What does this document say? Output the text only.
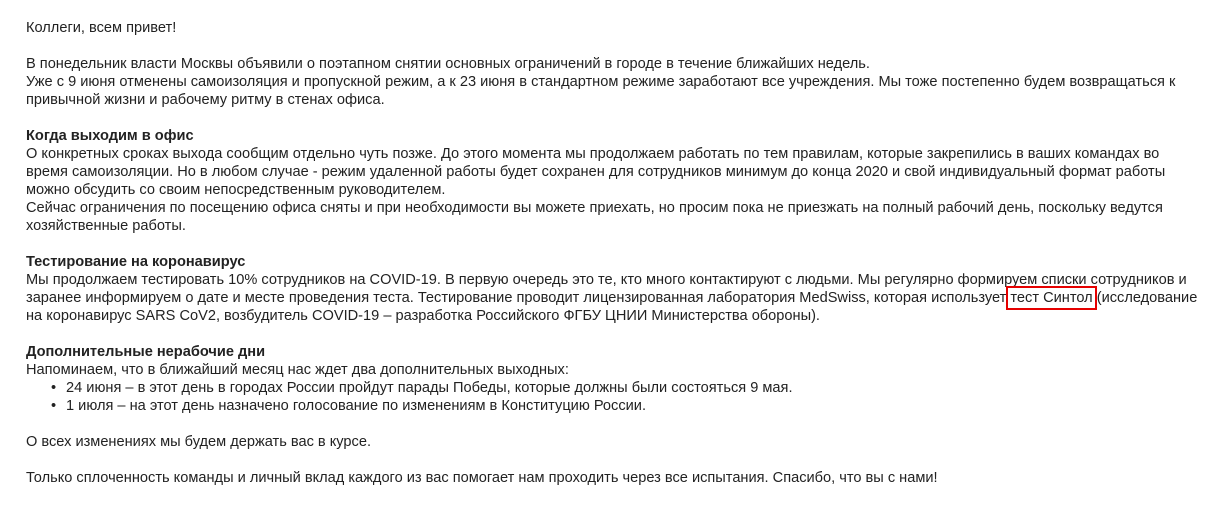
Коллеги, всем привет!

В понедельник власти Москвы объявили о поэтапном снятии основных ограничений в городе в течение ближайших недель.
Уже с 9 июня отменены самоизоляция и пропускной режим, а к 23 июня в стандартном режиме заработают все учреждения. Мы тоже постепенно будем возвращаться к привычной жизни и рабочему ритму в стенах офиса.

Когда выходим в офис

О конкретных сроках выхода сообщим отдельно чуть позже. До этого момента мы продолжаем работать по тем правилам, которые закрепились в ваших командах во время самоизоляции. Но в любом случае - режим удаленной работы будет сохранен для сотрудников минимум до конца 2020 и свой индивидуальный формат работы можно обсудить со своим непосредственным руководителем.

Сейчас ограничения по посещению офиса сняты и при необходимости вы можете приехать, но просим пока не приезжать на полный рабочий день, поскольку ведутся хозяйственные работы.

Тестирование на коронавирус

Мы продолжаем тестировать 10% сотрудников на COVID-19. В первую очередь это те, кто много контактируют с людьми. Мы регулярно формируем списки сотрудников и заранее информируем о дате и месте проведения теста. Тестирование проводит лицензированная лаборатория MedSwiss, которая использует тест Синтол (исследование на коронавирус SARS CoV2, возбудитель COVID-19 – разработка Российского ФГБУ ЦНИИ Министерства обороны).

Дополнительные нерабочие дни

Напоминаем, что в ближайший месяц нас ждет два дополнительных выходных:

• 24 июня – в этот день в городах России пройдут парады Победы, которые должны были состояться 9 мая.
• 1 июля – на этот день назначено голосование по изменениям в Конституцию России.

О всех изменениях мы будем держать вас в курсе.

Только сплоченность команды и личный вклад каждого из вас помогает нам проходить через все испытания. Спасибо, что вы с нами!
